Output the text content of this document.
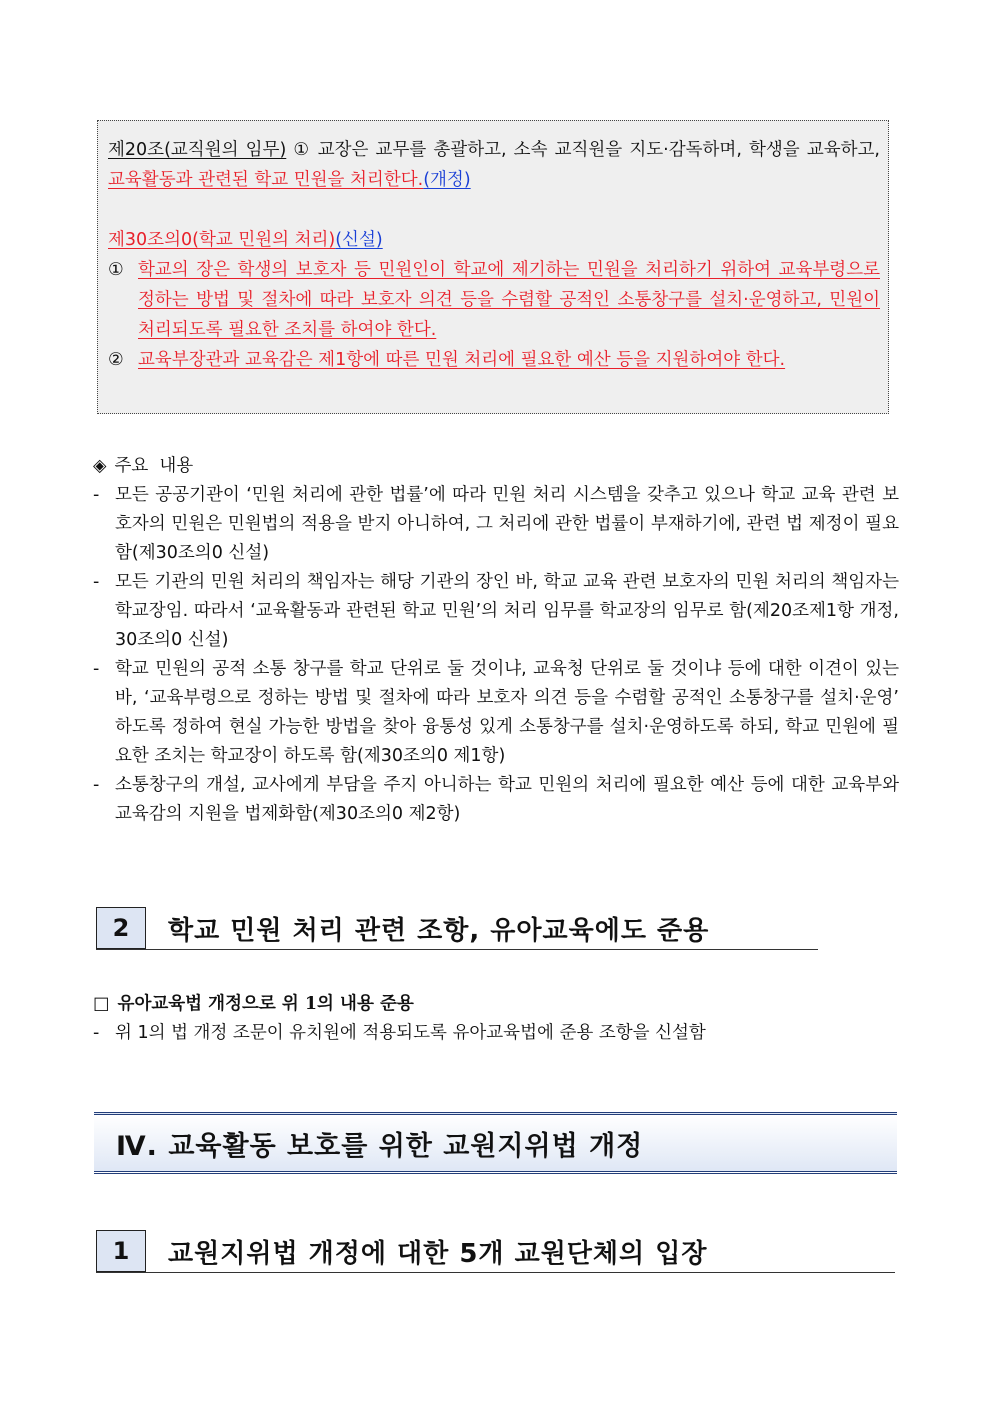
제20조(교직원의 임무) ① 교장은 교무를 총괄하고, 소속 교직원을 지도·감독하며, 학생을 교육하고, 교육활동과 관련된 학교 민원을 처리한다.(개정)

제30조의0(학교 민원의 처리)(신설)

① 학교의 장은 학생의 보호자 등 민원인이 학교에 제기하는 민원을 처리하기 위하여 교육부령으로 정하는 방법 및 절차에 따라 보호자 의견 등을 수렴할 공적인 소통창구를 설치·운영하고, 민원이 처리되도록 필요한 조치를 하여야 한다.
② 교육부장관과 교육감은 제1항에 따른 민원 처리에 필요한 예산 등을 지원하여야 한다.
◈ 주요  내용
- 모든 공공기관이 ‘민원 처리에 관한 법률’에 따라 민원 처리 시스템을 갖추고 있으나 학교 교육 관련 보호자의 민원은 민원법의 적용을 받지 아니하여, 그 처리에 관한 법률이 부재하기에, 관련 법 제정이 필요함(제30조의0 신설)
- 모든 기관의 민원 처리의 책임자는 해당 기관의 장인 바, 학교 교육 관련 보호자의 민원 처리의 책임자는 학교장임. 따라서 ‘교육활동과 관련된 학교 민원’의 처리 임무를 학교장의 임무로 함(제20조제1항 개정, 30조의0 신설)
- 학교 민원의 공적 소통 창구를 학교 단위로 둘 것이냐, 교육청 단위로 둘 것이냐 등에 대한 이견이 있는 바, ‘교육부령으로 정하는 방법 및 절차에 따라 보호자 의견 등을 수렴할 공적인 소통창구를 설치·운영’ 하도록 정하여 현실 가능한 방법을 찾아 융통성 있게 소통창구를 설치·운영하도록 하되, 학교 민원에 필요한 조치는 학교장이 하도록 함(제30조의0 제1항)
- 소통창구의 개설, 교사에게 부담을 주지 아니하는 학교 민원의 처리에 필요한 예산 등에 대한 교육부와 교육감의 지원을 법제화함(제30조의0 제2항)
2	학교 민원 처리 관련 조항, 유아교육에도 준용
□ 유아교육법 개정으로 위 1의 내용 준용
- 위 1의 법 개정 조문이 유치원에 적용되도록 유아교육법에 준용 조항을 신설함
Ⅳ. 교육활동 보호를 위한 교원지위법 개정
1	교원지위법 개정에 대한 5개 교원단체의 입장
